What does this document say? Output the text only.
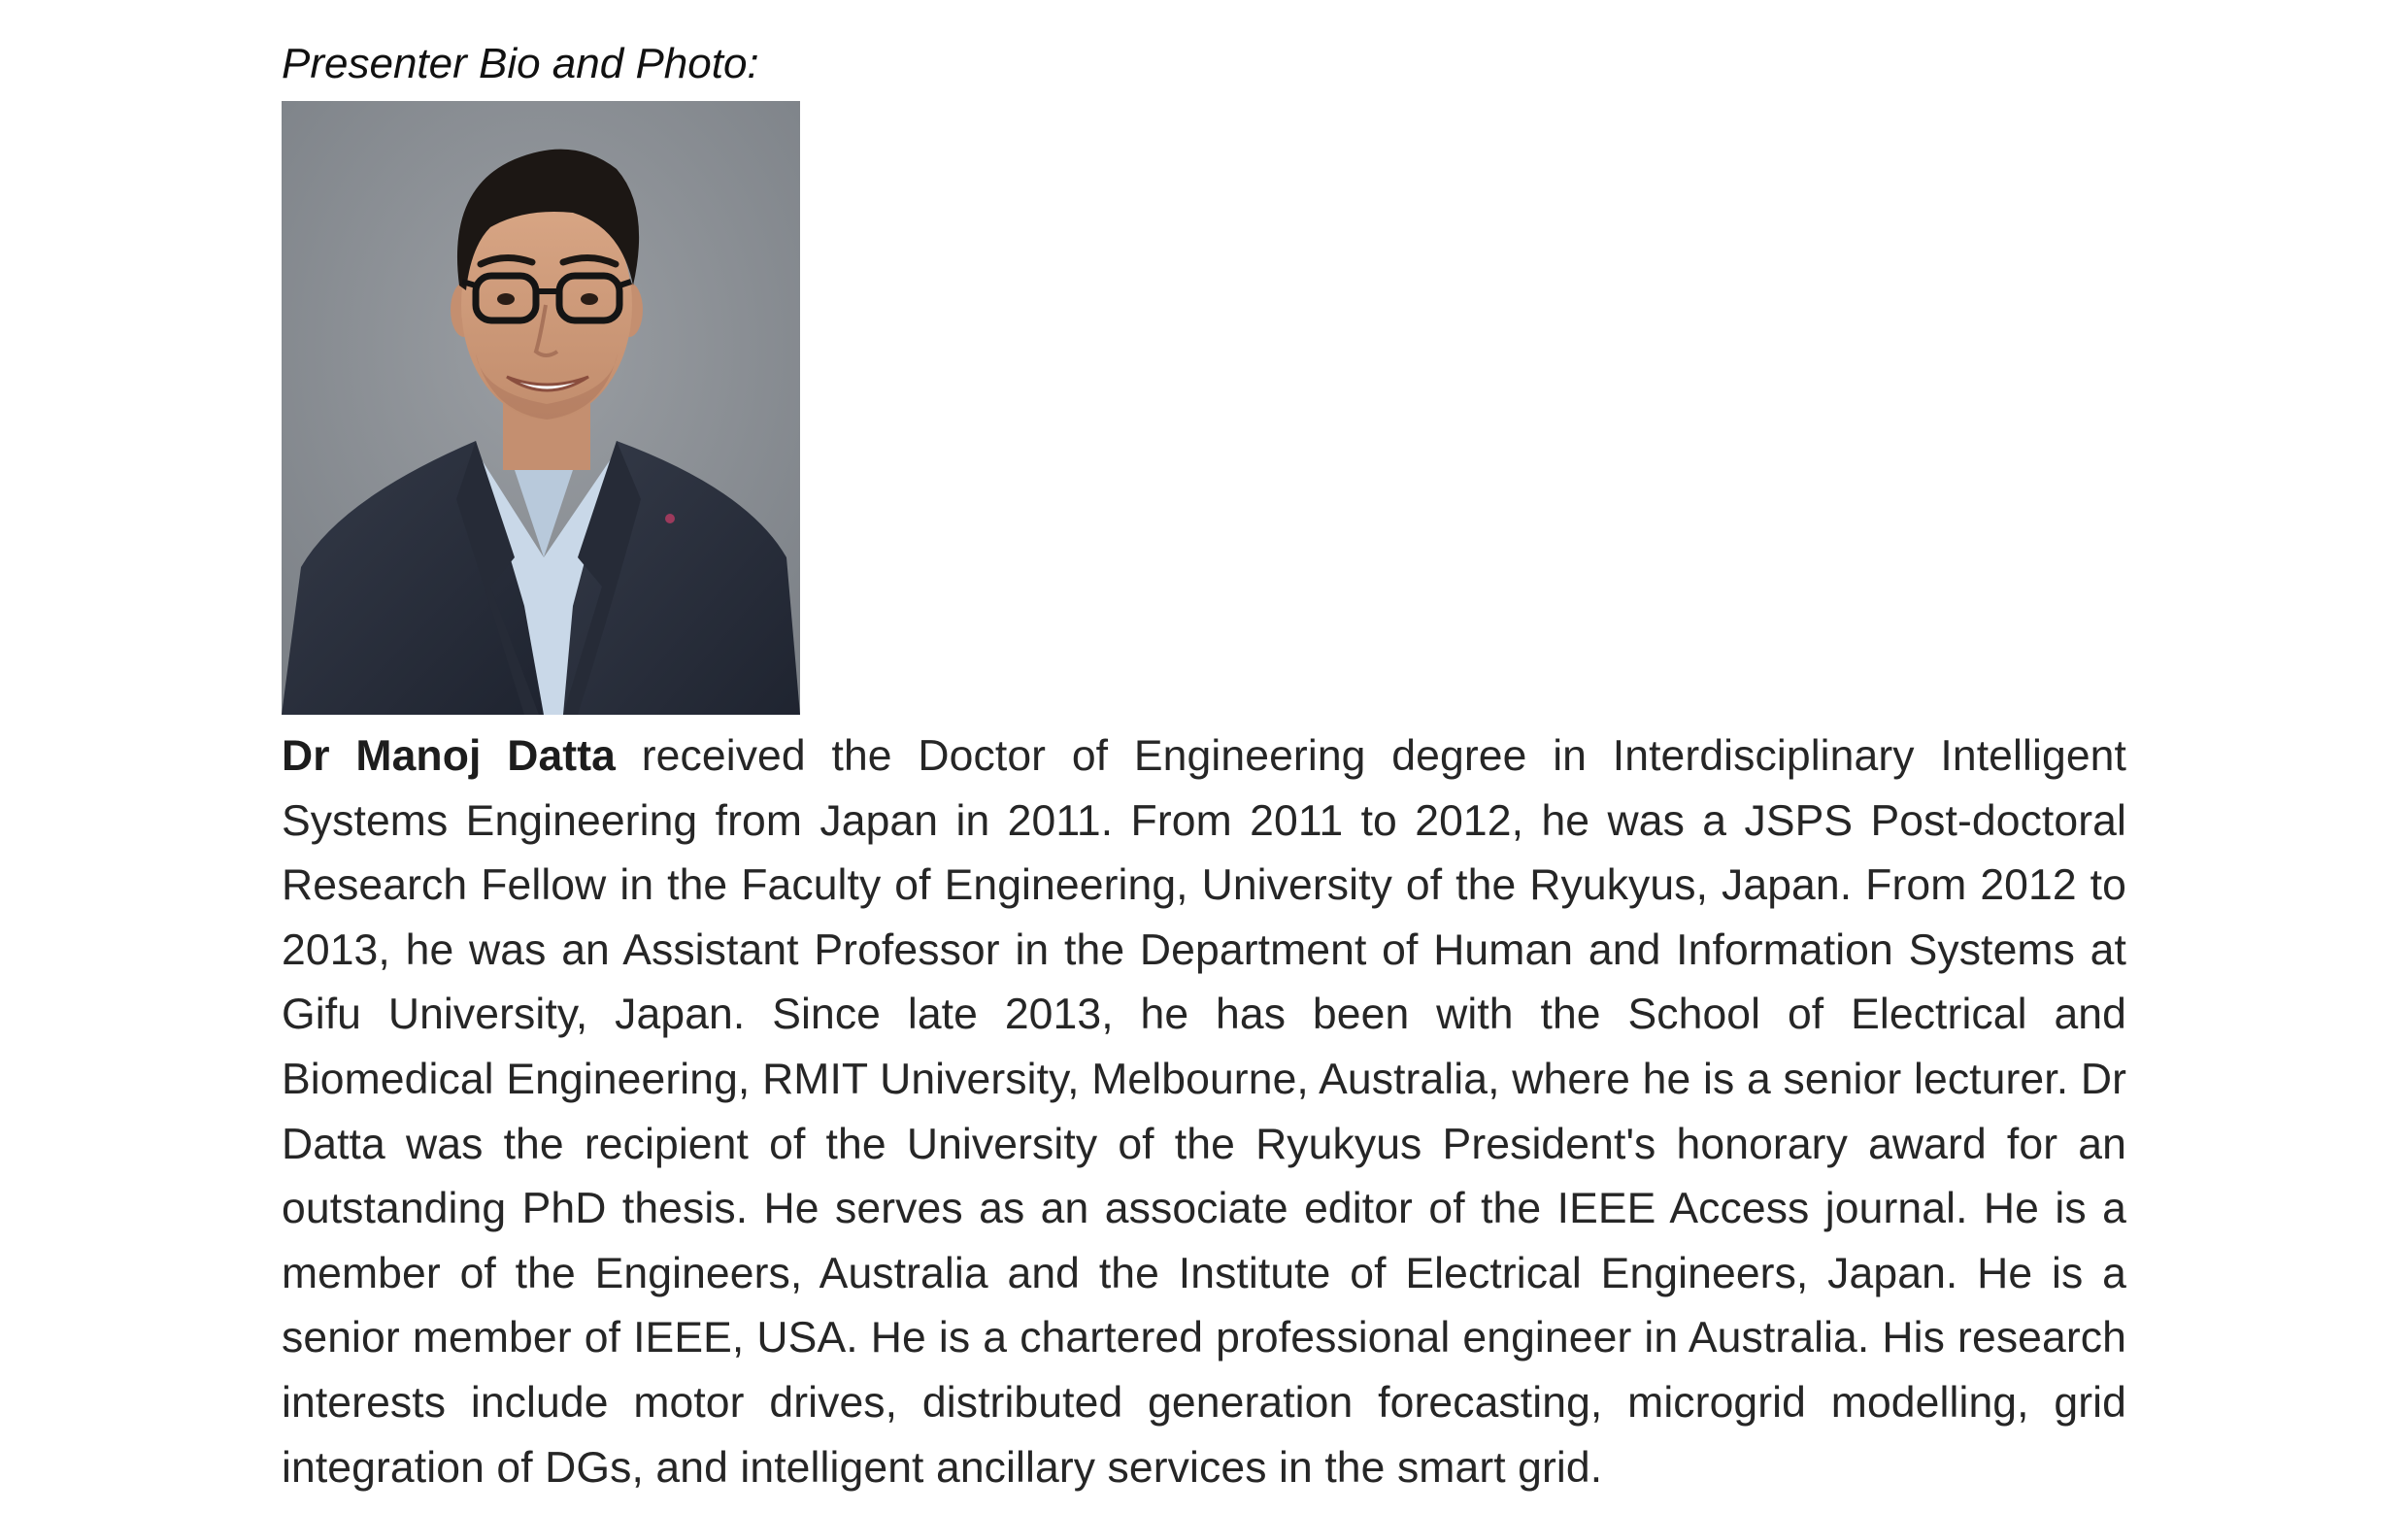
Presenter Bio and Photo:

Dr Manoj Datta received the Doctor of Engineering degree in Interdisciplinary Intelligent Systems Engineering from Japan in 2011. From 2011 to 2012, he was a JSPS Post-doctoral Research Fellow in the Faculty of Engineering, University of the Ryukyus, Japan. From 2012 to 2013, he was an Assistant Professor in the Department of Human and Information Systems at Gifu University, Japan. Since late 2013, he has been with the School of Electrical and Biomedical Engineering, RMIT University, Melbourne, Australia, where he is a senior lecturer. Dr Datta was the recipient of the University of the Ryukyus President's honorary award for an outstanding PhD thesis. He serves as an associate editor of the IEEE Access journal. He is a member of the Engineers, Australia and the Institute of Electrical Engineers, Japan. He is a senior member of IEEE, USA. He is a chartered professional engineer in Australia. His research interests include motor drives, distributed generation forecasting, microgrid modelling, grid integration of DGs, and intelligent ancillary services in the smart grid.
